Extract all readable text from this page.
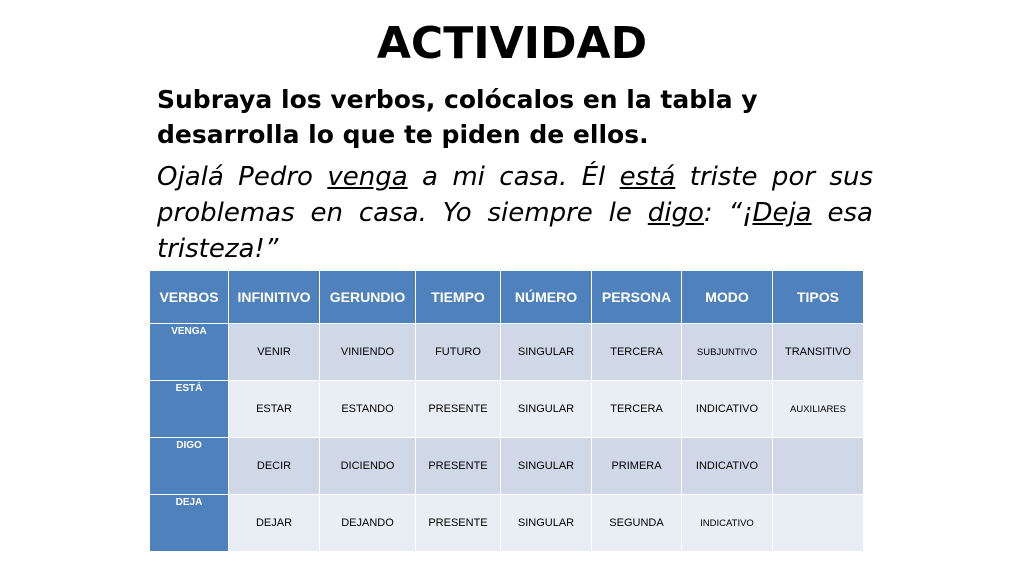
ACTIVIDAD
Subraya los verbos, colócalos en la tabla y desarrolla lo que te piden de ellos.
Ojalá Pedro venga a mi casa. Él está triste por sus problemas en casa. Yo siempre le digo: “¡Deja esa tristeza!”
VERBOS	INFINITIVO	GERUNDIO	TIEMPO	NÚMERO	PERSONA	MODO	TIPOS
VENGA	VENIR	VINIENDO	FUTURO	SINGULAR	TERCERA	SUBJUNTIVO	TRANSITIVO
ESTÁ	ESTAR	ESTANDO	PRESENTE	SINGULAR	TERCERA	INDICATIVO	AUXILIARES
DIGO	DECIR	DICIENDO	PRESENTE	SINGULAR	PRIMERA	INDICATIVO	
DEJA	DEJAR	DEJANDO	PRESENTE	SINGULAR	SEGUNDA	INDICATIVO	
